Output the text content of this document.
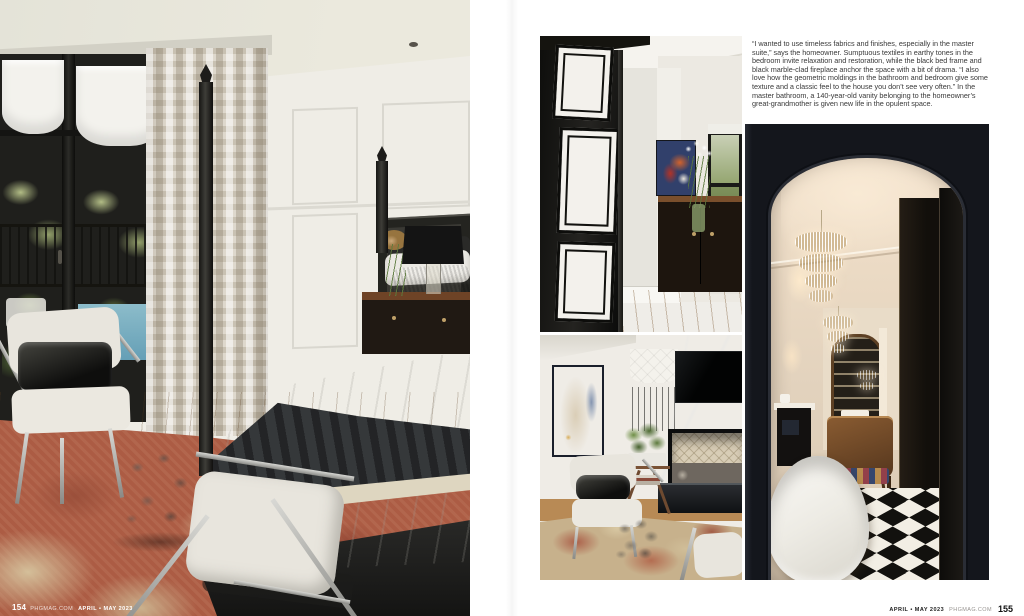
154 PHGMAG.COM APRIL • MAY 2023
“I wanted to use timeless fabrics and finishes, especially in the master suite,” says the homeowner. Sumptuous textiles in earthy tones in the bedroom invite relaxation and restoration, while the black bed frame and black marble-clad fireplace anchor the space with a bit of drama. “I also love how the geometric moldings in the bathroom and bedroom give some texture and a classic feel to the house you don’t see very often.” In the master bathroom, a 140-year-old vanity belonging to the homeowner’s great-grandmother is given new life in the opulent space.
APRIL • MAY 2023 PHGMAG.COM 155
